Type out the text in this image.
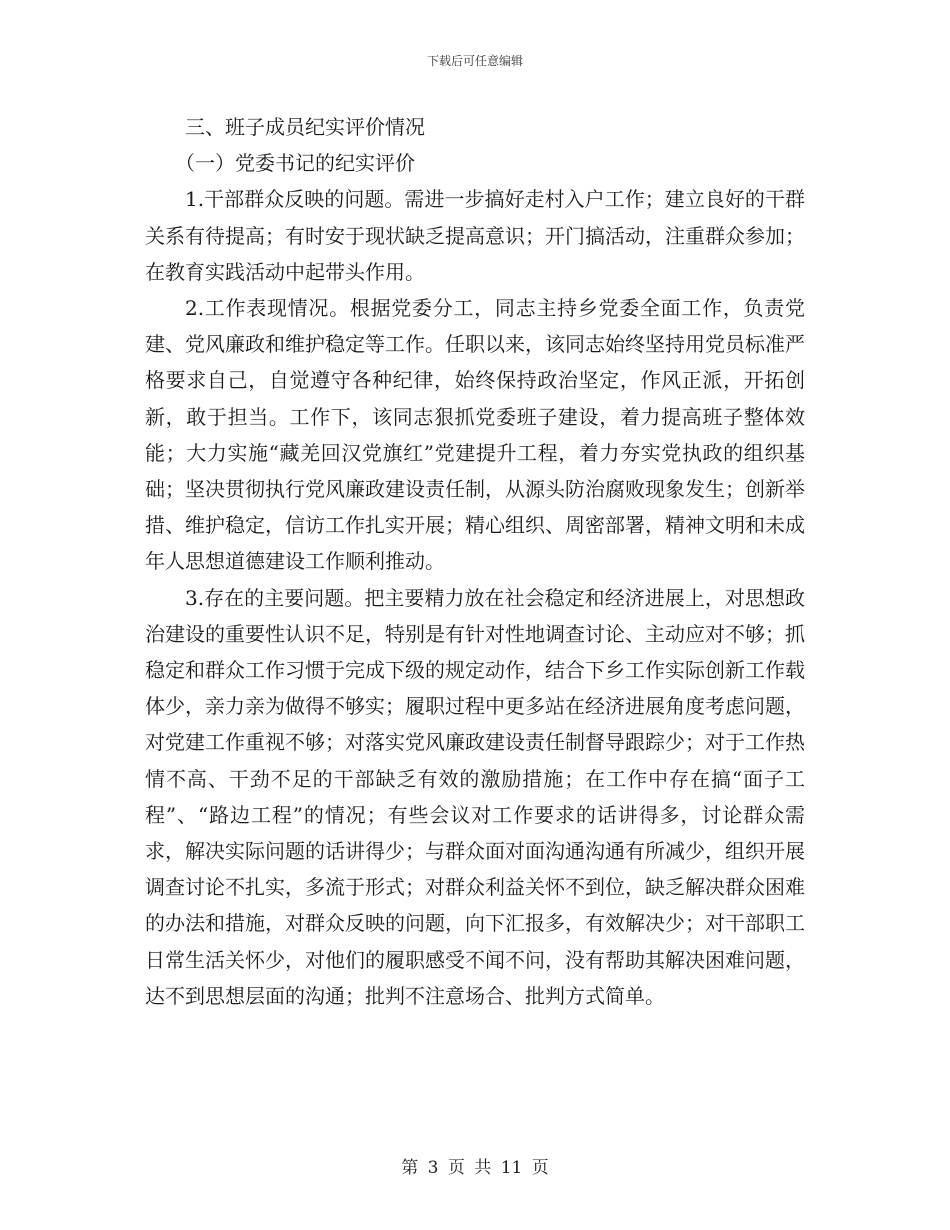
下载后可任意编辑

三、班子成员纪实评价情况

（一）党委书记的纪实评价

1.干部群众反映的问题。需进一步搞好走村入户工作；建立良好的干群关系有待提高；有时安于现状缺乏提高意识；开门搞活动，注重群众参加；在教育实践活动中起带头作用。

2.工作表现情况。根据党委分工，同志主持乡党委全面工作，负责党建、党风廉政和维护稳定等工作。任职以来，该同志始终坚持用党员标准严格要求自己，自觉遵守各种纪律，始终保持政治坚定，作风正派，开拓创新，敢于担当。工作下，该同志狠抓党委班子建设，着力提高班子整体效能；大力实施“藏羌回汉党旗红”党建提升工程，着力夯实党执政的组织基础；坚决贯彻执行党风廉政建设责任制，从源头防治腐败现象发生；创新举措、维护稳定，信访工作扎实开展；精心组织、周密部署，精神文明和未成年人思想道德建设工作顺利推动。

3.存在的主要问题。把主要精力放在社会稳定和经济进展上，对思想政治建设的重要性认识不足，特别是有针对性地调查讨论、主动应对不够；抓稳定和群众工作习惯于完成下级的规定动作，结合下乡工作实际创新工作载体少，亲力亲为做得不够实；履职过程中更多站在经济进展角度考虑问题，对党建工作重视不够；对落实党风廉政建设责任制督导跟踪少；对于工作热情不高、干劲不足的干部缺乏有效的激励措施；在工作中存在搞“面子工程”、“路边工程”的情况；有些会议对工作要求的话讲得多，讨论群众需求，解决实际问题的话讲得少；与群众面对面沟通沟通有所减少，组织开展调查讨论不扎实，多流于形式；对群众利益关怀不到位，缺乏解决群众困难的办法和措施，对群众反映的问题，向下汇报多，有效解决少；对干部职工日常生活关怀少，对他们的履职感受不闻不问，没有帮助其解决困难问题，达不到思想层面的沟通；批判不注意场合、批判方式简单。

第 3 页 共 11 页
